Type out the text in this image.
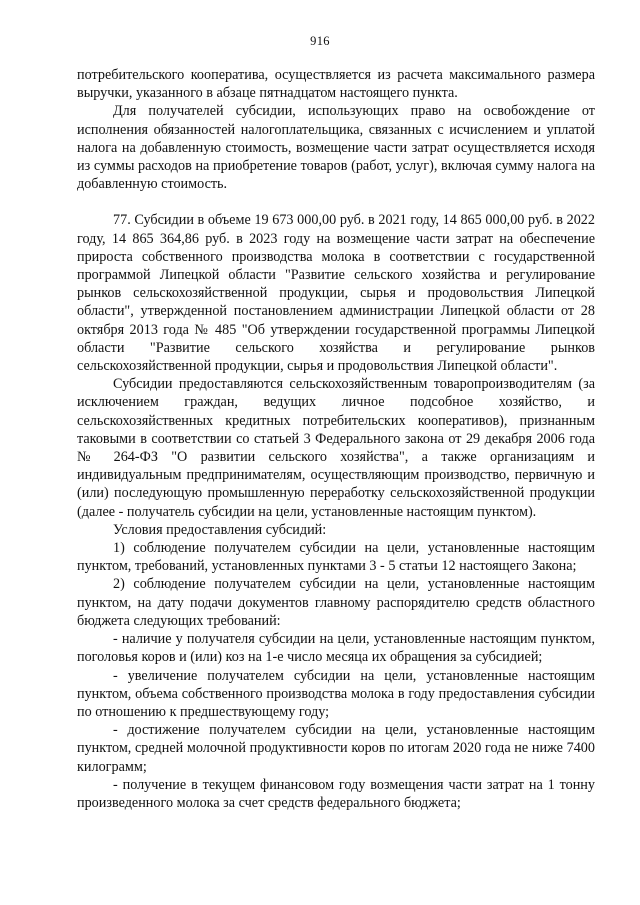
916

потребительского кооператива, осуществляется из расчета максимального размера выручки, указанного в абзаце пятнадцатом настоящего пункта.

Для получателей субсидии, использующих право на освобождение от исполнения обязанностей налогоплательщика, связанных с исчислением и уплатой налога на добавленную стоимость, возмещение части затрат осуществляется исходя из суммы расходов на приобретение товаров (работ, услуг), включая сумму налога на добавленную стоимость.

77. Субсидии в объеме 19 673 000,00 руб. в 2021 году, 14 865 000,00 руб. в 2022 году, 14 865 364,86 руб. в 2023 году на возмещение части затрат на обеспечение прироста собственного производства молока в соответствии с государственной программой Липецкой области "Развитие сельского хозяйства и регулирование рынков сельскохозяйственной продукции, сырья и продовольствия Липецкой области", утвержденной постановлением администрации Липецкой области от 28 октября 2013 года № 485 "Об утверждении государственной программы Липецкой области "Развитие сельского хозяйства и регулирование рынков сельскохозяйственной продукции, сырья и продовольствия Липецкой области".

Субсидии предоставляются сельскохозяйственным товаропроизводителям (за исключением граждан, ведущих личное подсобное хозяйство, и сельскохозяйственных кредитных потребительских кооперативов), признанным таковыми в соответствии со статьей 3 Федерального закона от 29 декабря 2006 года № 264-ФЗ "О развитии сельского хозяйства", а также организациям и индивидуальным предпринимателям, осуществляющим производство, первичную и (или) последующую промышленную переработку сельскохозяйственной продукции (далее - получатель субсидии на цели, установленные настоящим пунктом).

Условия предоставления субсидий:

1) соблюдение получателем субсидии на цели, установленные настоящим пунктом, требований, установленных пунктами 3 - 5 статьи 12 настоящего Закона;

2) соблюдение получателем субсидии на цели, установленные настоящим пунктом, на дату подачи документов главному распорядителю средств областного бюджета следующих требований:

- наличие у получателя субсидии на цели, установленные настоящим пунктом, поголовья коров и (или) коз на 1-е число месяца их обращения за субсидией;

- увеличение получателем субсидии на цели, установленные настоящим пунктом, объема собственного производства молока в году предоставления субсидии по отношению к предшествующему году;

- достижение получателем субсидии на цели, установленные настоящим пунктом, средней молочной продуктивности коров по итогам 2020 года не ниже 7400 килограмм;

- получение в текущем финансовом году возмещения части затрат на 1 тонну произведенного молока за счет средств федерального бюджета;
